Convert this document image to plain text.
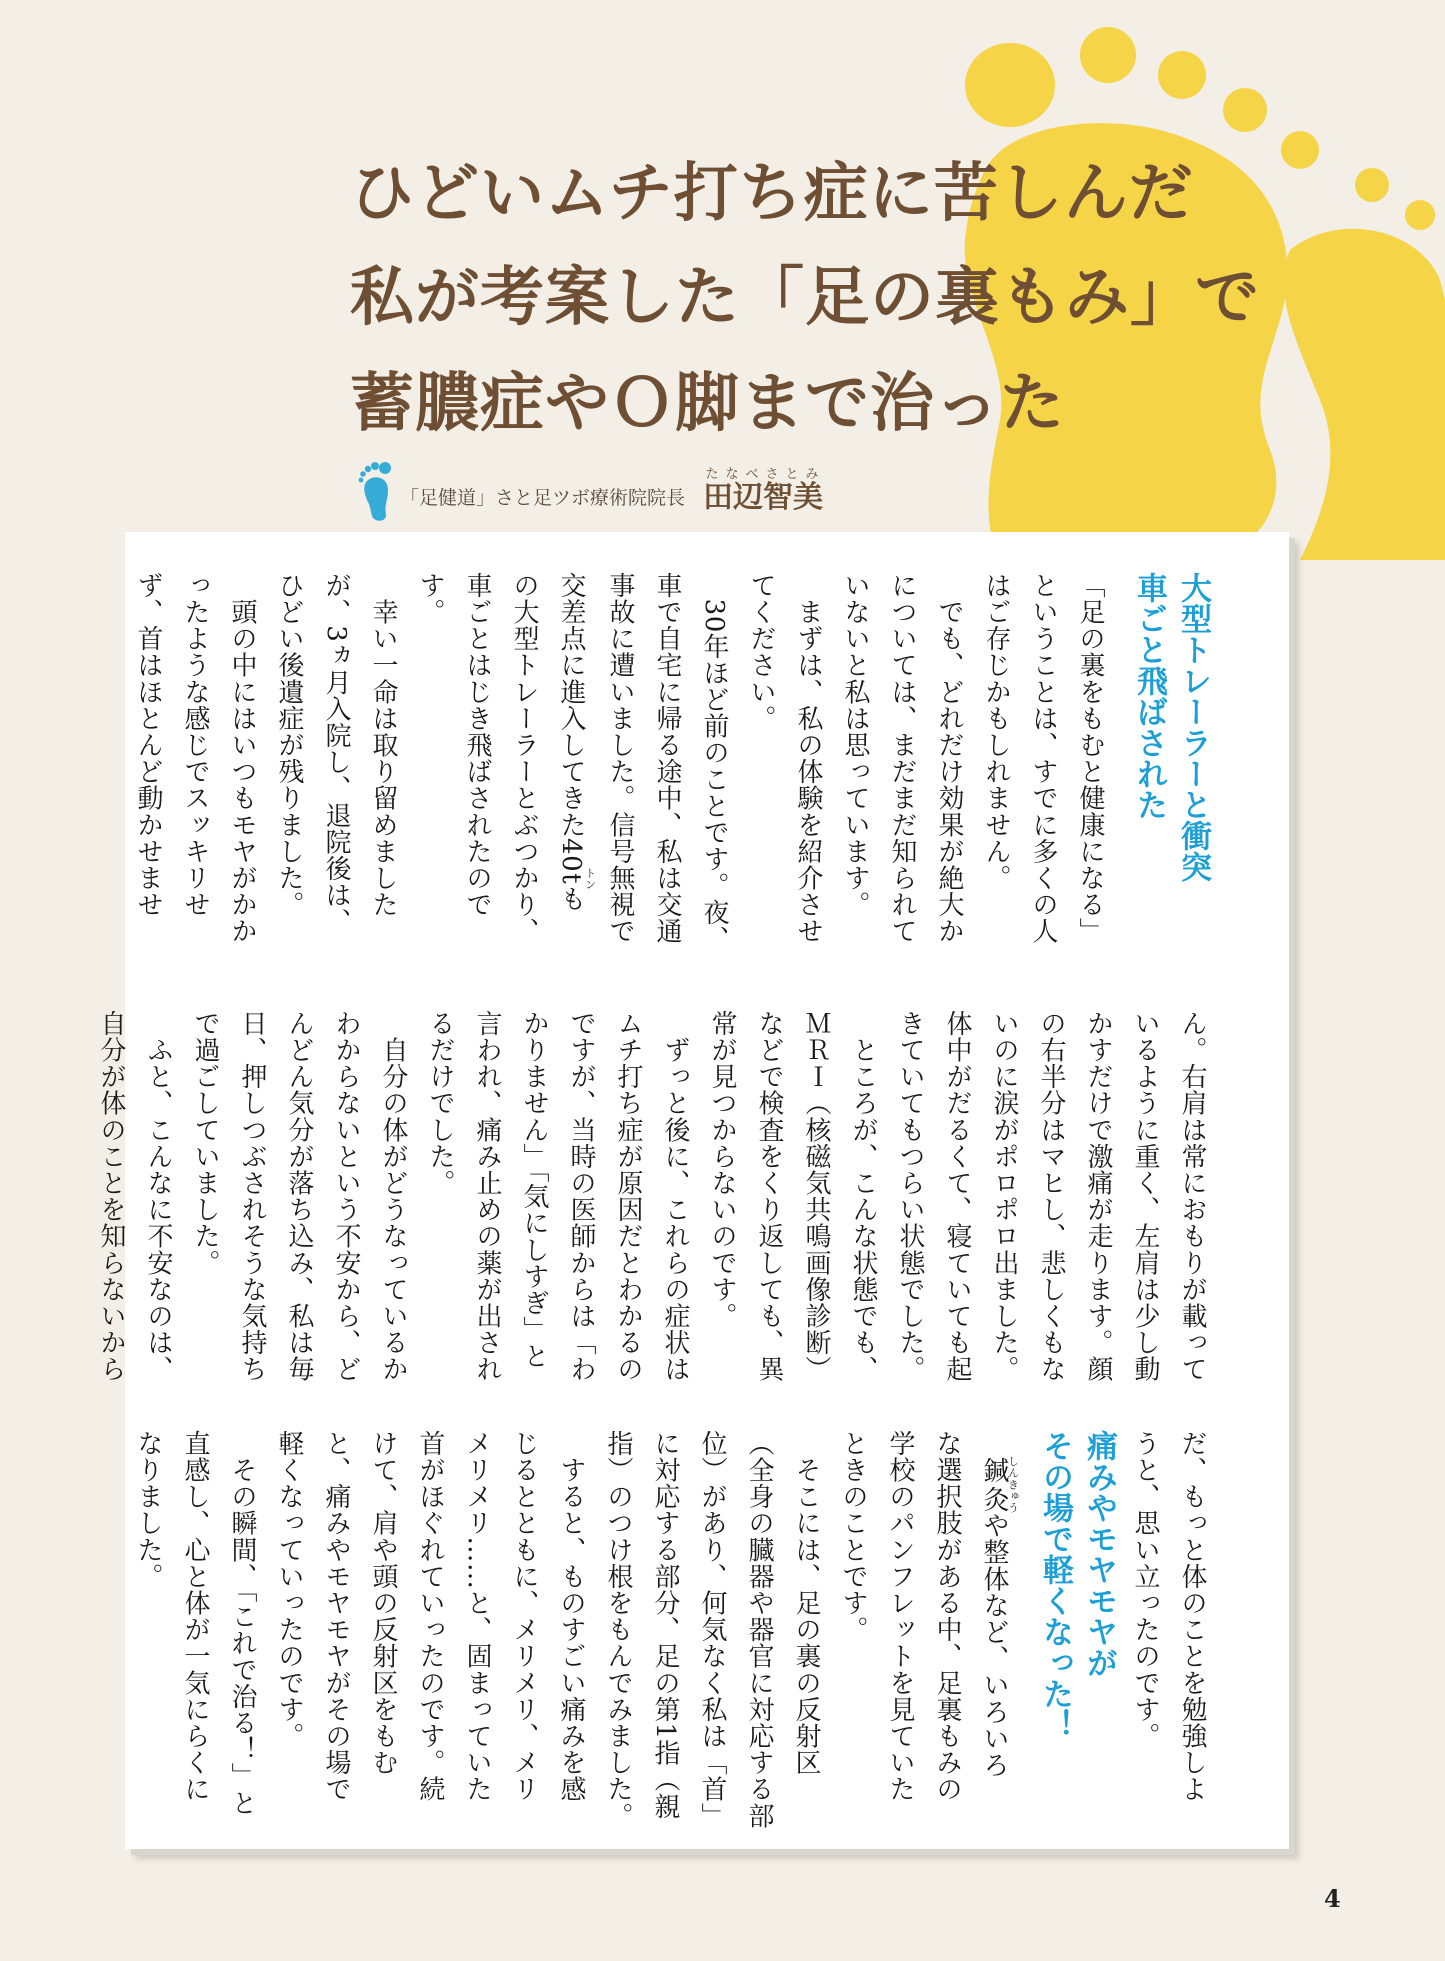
ひどいムチ打ち症に苦しんだ
私が考案した「足の裏もみ」で
蓄膿症やＯ脚まで治った
「足健道」さと足ツボ療術院院長 田辺智美たなべさとみ
大型トレーラーと衝突
車ごと飛ばされた
「足の裏をもむと健康になる」
ということは、すでに多くの人
はご存じかもしれません。
　でも、どれだけ効果が絶大か
については、まだまだ知られて
いないと私は思っています。
　まずは、私の体験を紹介させ
てください。
　30年ほど前のことです。夜、
車で自宅に帰る途中、私は交通
事故に遭いました。信号無視で
交差点に進入してきた40tトンも
の大型トレーラーとぶつかり、
車ごとはじき飛ばされたので
す。
　幸い一命は取り留めました
が、3ヵ月入院し、退院後は、
ひどい後遺症が残りました。
　頭の中にはいつもモヤがかか
ったような感じでスッキリせ
ず、首はほとんど動かせませ
ん。右肩は常におもりが載って
いるように重く、左肩は少し動
かすだけで激痛が走ります。顔
の右半分はマヒし、悲しくもな
いのに涙がポロポロ出ました。
体中がだるくて、寝ていても起
きていてもつらい状態でした。
　ところが、こんな状態でも、
ＭＲＩ（核磁気共鳴画像診断）
などで検査をくり返しても、異
常が見つからないのです。
　ずっと後に、これらの症状は
ムチ打ち症が原因だとわかるの
ですが、当時の医師からは「わ
かりません」「気にしすぎ」と
言われ、痛み止めの薬が出され
るだけでした。
　自分の体がどうなっているか
わからないという不安から、ど
んどん気分が落ち込み、私は毎
日、押しつぶされそうな気持ち
で過ごしていました。
　ふと、こんなに不安なのは、
自分が体のことを知らないから
だ、もっと体のことを勉強しよ
うと、思い立ったのです。
痛みやモヤモヤが
その場で軽くなった！
　鍼灸しんきゅうや整体など、いろいろ
な選択肢がある中、足裏もみの
学校のパンフレットを見ていた
ときのことです。
　そこには、足の裏の反射区
（全身の臓器や器官に対応する部
位）があり、何気なく私は「首」
に対応する部分、足の第1指（親
指）のつけ根をもんでみました。
　すると、ものすごい痛みを感
じるとともに、メリメリ、メリ
メリメリ……と、固まっていた
首がほぐれていったのです。続
けて、肩や頭の反射区をもむ
と、痛みやモヤモヤがその場で
軽くなっていったのです。
　その瞬間、「これで治る！」と
直感し、心と体が一気にらくに
なりました。
4
